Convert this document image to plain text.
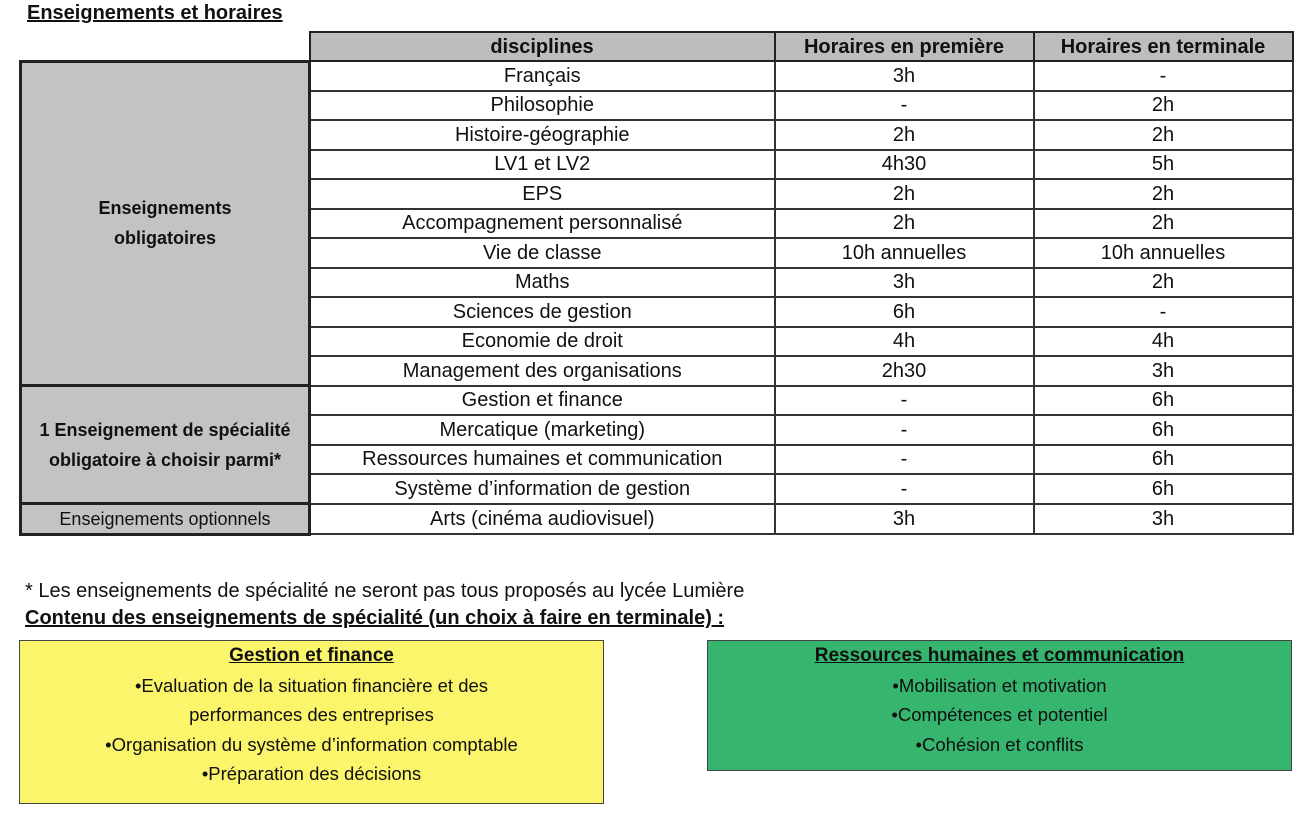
Enseignements et horaires
	disciplines	Horaires en première	Horaires en terminale

Enseignements
obligatoires	Français	3h	-
	Philosophie	-	2h
	Histoire-géographie	2h	2h
	LV1 et LV2	4h30	5h
	EPS	2h	2h
	Accompagnement personnalisé	2h	2h
	Vie de classe	10h annuelles	10h annuelles
	Maths	3h	2h
	Sciences de gestion	6h	-
	Economie de droit	4h	4h
	Management des organisations	2h30	3h

1 Enseignement de spécialité
obligatoire à choisir parmi*	Gestion et finance	-	6h
	Mercatique (marketing)	-	6h
	Ressources humaines et communication	-	6h
	Système d’information de gestion	-	6h

Enseignements optionnels	Arts (cinéma audiovisuel)	3h	3h
* Les enseignements de spécialité ne seront pas tous proposés au lycée Lumière
Contenu des enseignements de spécialité (un choix à faire en terminale) :
Gestion et finance
•Evaluation de la situation financière et des
performances des entreprises
•Organisation du système d’information comptable
•Préparation des décisions
Ressources humaines et communication
•Mobilisation et motivation
•Compétences et potentiel
•Cohésion et conflits
